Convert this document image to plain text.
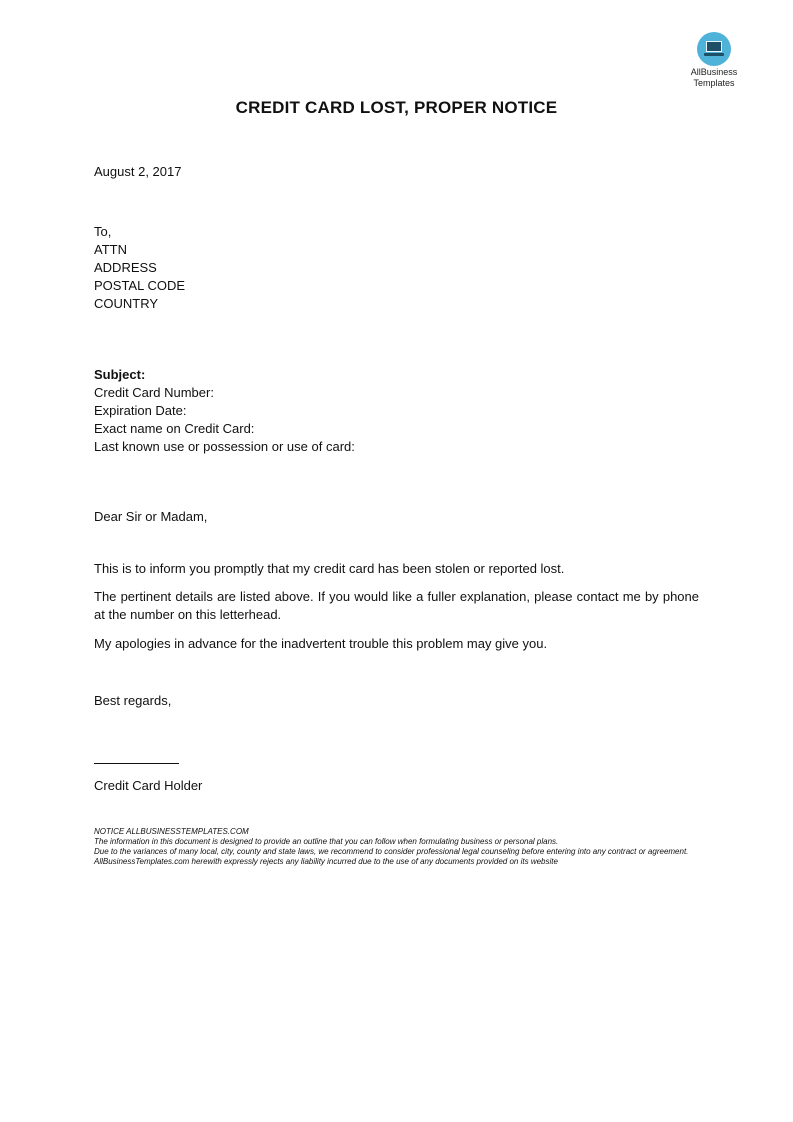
AllBusiness
Templates
CREDIT CARD LOST, PROPER NOTICE
August 2, 2017
To,
ATTN
ADDRESS
POSTAL CODE
COUNTRY
Subject:
Credit Card Number:
Expiration Date:
Exact name on Credit Card:
Last known use or possession or use of card:
Dear Sir or Madam,
This is to inform you promptly that my credit card has been stolen or reported lost.
The pertinent details are listed above. If you would like a fuller explanation, please contact me by phone at the number on this letterhead.
My apologies in advance for the inadvertent trouble this problem may give you.
Best regards,
Credit Card Holder
NOTICE ALLBUSINESSTEMPLATES.COM
The information in this document is designed to provide an outline that you can follow when formulating business or personal plans.
Due to the variances of many local, city, county and state laws, we recommend to consider professional legal counseling before entering into any contract or agreement. AllBusinessTemplates.com herewith expressly rejects any liability incurred due to the use of any documents provided on its website
